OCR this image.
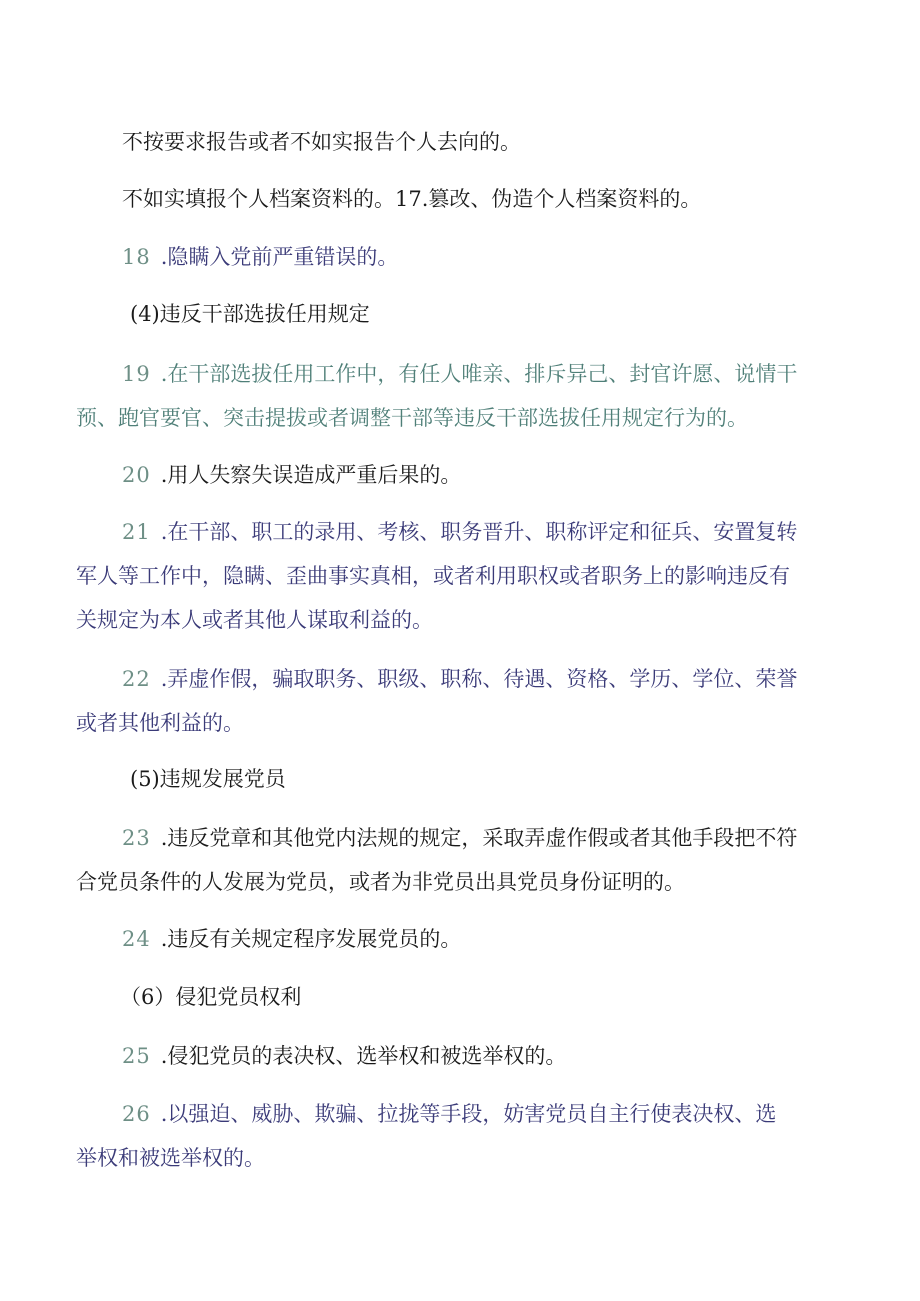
不按要求报告或者不如实报告个人去向的。
不如实填报个人档案资料的。17.篡改、伪造个人档案资料的。
18 .隐瞒入党前严重错误的。
(4)违反干部选拔任用规定
19 .在干部选拔任用工作中，有任人唯亲、排斥异己、封官许愿、说情干
预、跑官要官、突击提拔或者调整干部等违反干部选拔任用规定行为的。
20 .用人失察失误造成严重后果的。
21 .在干部、职工的录用、考核、职务晋升、职称评定和征兵、安置复转
军人等工作中，隐瞒、歪曲事实真相，或者利用职权或者职务上的影响违反有
关规定为本人或者其他人谋取利益的。
22 .弄虚作假，骗取职务、职级、职称、待遇、资格、学历、学位、荣誉
或者其他利益的。
(5)违规发展党员
23 .违反党章和其他党内法规的规定，采取弄虚作假或者其他手段把不符
合党员条件的人发展为党员，或者为非党员出具党员身份证明的。
24 .违反有关规定程序发展党员的。
（6）侵犯党员权利
25 .侵犯党员的表决权、选举权和被选举权的。
26 .以强迫、威胁、欺骗、拉拢等手段，妨害党员自主行使表决权、选
举权和被选举权的。
